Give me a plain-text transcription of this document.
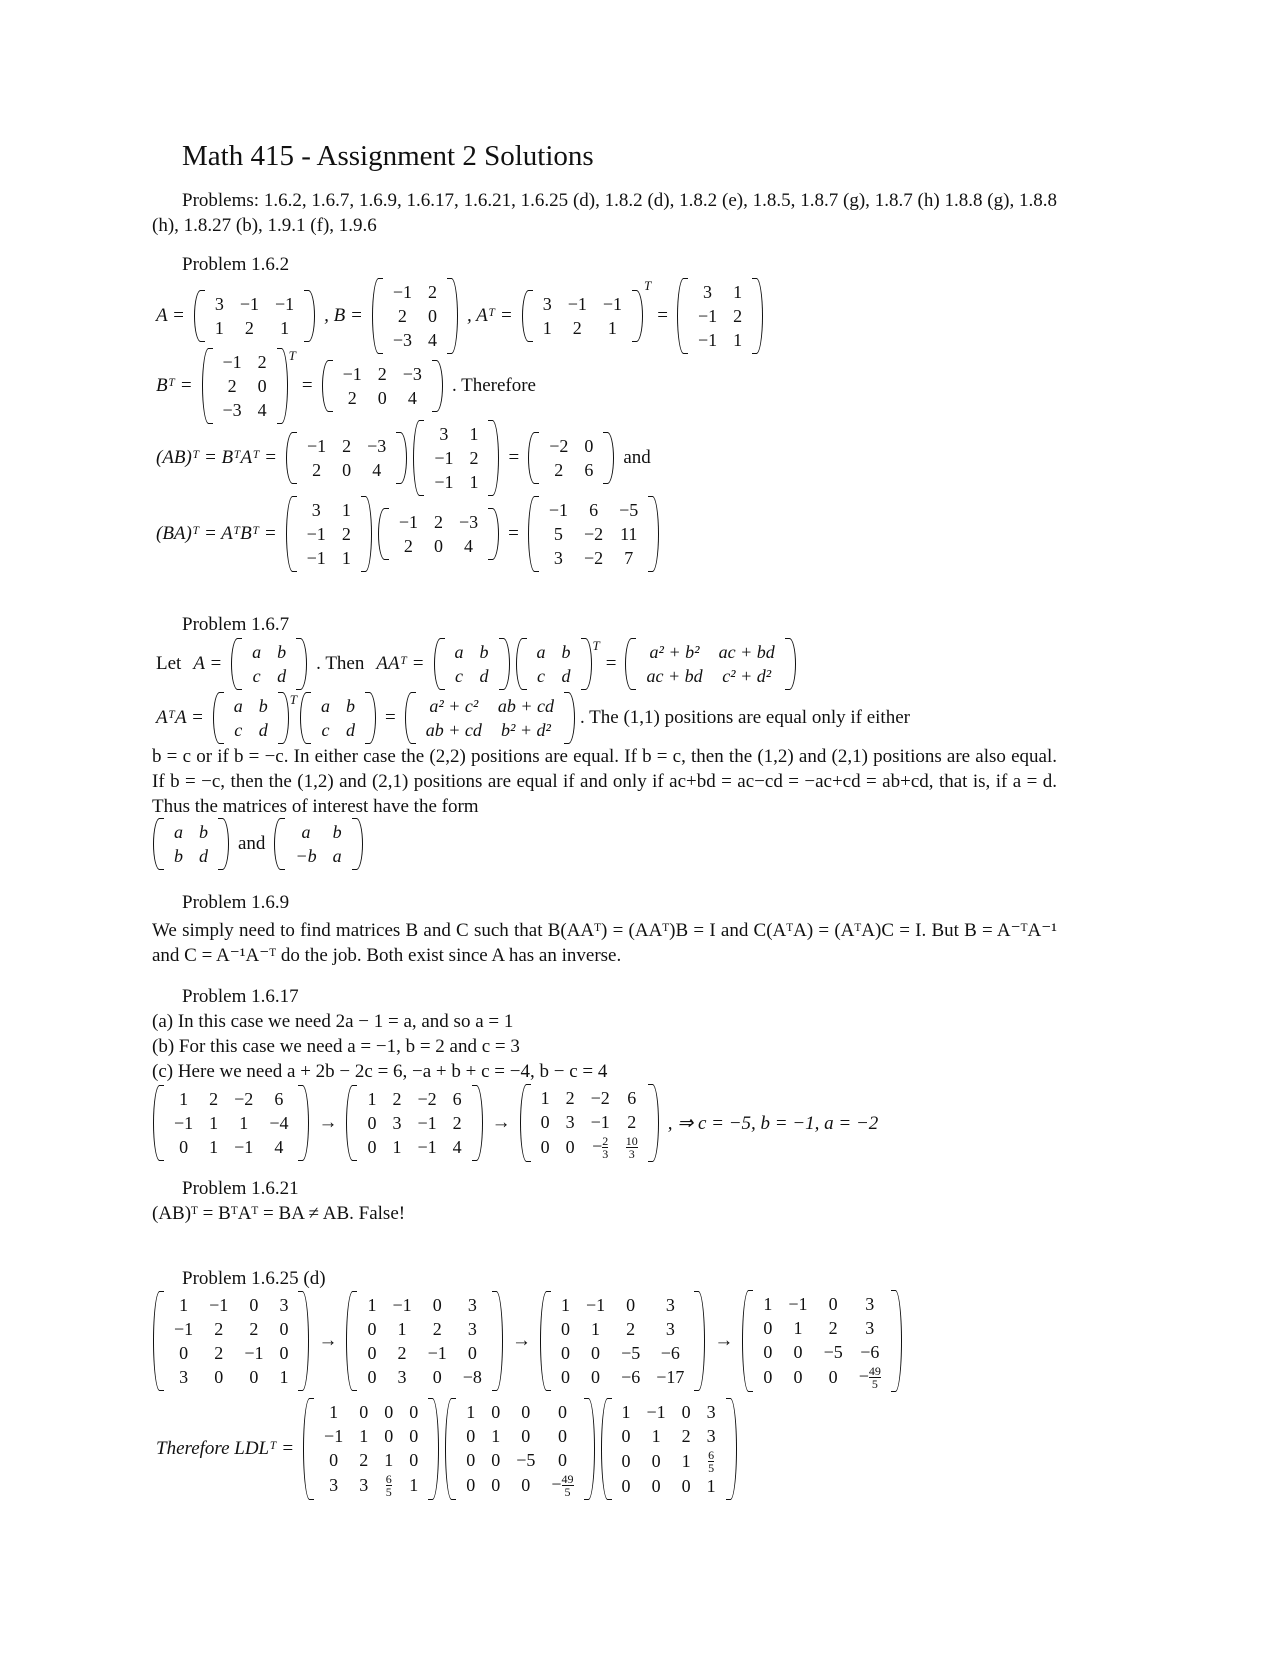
Math 415 - Assignment 2 Solutions
Problems: 1.6.2, 1.6.7, 1.6.9, 1.6.17, 1.6.21, 1.6.25 (d), 1.8.2 (d), 1.8.2 (e), 1.8.5, 1.8.7 (g), 1.8.7 (h) 1.8.8 (g), 1.8.8 (h), 1.8.27 (b), 1.9.1 (f), 1.9.6
Problem 1.6.2
A =
3	−1	−1
1	2	1
, B =
−1	2
2	0
−3	4
, Aᵀ =
3	−1	−1
1	2	1
T
=
3	1
−1	2
−1	1
Bᵀ =
−1	2
2	0
−3	4
T
=
−1	2	−3
2	0	4
. Therefore
(AB)ᵀ = BᵀAᵀ =
−1	2	−3
2	0	4
3	1
−1	2
−1	1
=
−2	0
2	6
and
(BA)ᵀ = AᵀBᵀ =
3	1
−1	2
−1	1
−1	2	−3
2	0	4
=
−1	6	−5
5	−2	11
3	−2	7
Problem 1.6.7
Let A =
a	b
c	d
. Then AAᵀ =
a	b
c	d
a	b
c	d
T
=
a² + b²	ac + bd
ac + bd	c² + d²
AᵀA =
a	b
c	d
T a	b
c	d
=
a² + c²	ab + cd
ab + cd	b² + d²
. The (1,1) positions are equal only if either
b = c or if b = −c. In either case the (2,2) positions are equal. If b = c, then the (1,2) and (2,1) positions are also equal. If b = −c, then the (1,2) and (2,1) positions are equal if and only if ac+bd = ac−cd = −ac+cd = ab+cd, that is, if a = d. Thus the matrices of interest have the form
a	b
b	d
and
a	b
−b	a
Problem 1.6.9
We simply need to find matrices B and C such that B(AAᵀ) = (AAᵀ)B = I and C(AᵀA) = (AᵀA)C = I. But B = A⁻ᵀA⁻¹ and C = A⁻¹A⁻ᵀ do the job. Both exist since A has an inverse.
Problem 1.6.17
(a) In this case we need 2a − 1 = a, and so a = 1
(b) For this case we need a = −1, b = 2 and c = 3
(c) Here we need a + 2b − 2c = 6, −a + b + c = −4, b − c = 4
1	2	−2	6
−1	1	1	−4
0	1	−1	4
→
1	2	−2	6
0	3	−1	2
0	1	−1	4
→
1	2	−2	6
0	3	−1	2
0	0	− $\frac{2}{3}$	$\frac{10}{3}$
, ⇒ c = −5, b = −1, a = −2
Problem 1.6.21
(AB)ᵀ = BᵀAᵀ = BA ≠ AB. False!
Problem 1.6.25 (d)
1	−1	0	3
−1	2	2	0
0	2	−1	0
3	0	0	1
→
1	−1	0	3
0	1	2	3
0	2	−1	0
0	3	0	−8
→
1	−1	0	3
0	1	2	3
0	0	−5	−6
0	0	−6	−17
→
1	−1	0	3
0	1	2	3
0	0	−5	−6
0	0	0	− $\frac{49}{5}$
Therefore LDLᵀ =
1	0	0	0
−1	1	0	0
0	2	1	0
3	3	$\frac{6}{5}$	1
1	0	0	0
0	1	0	0
0	0	−5	0
0	0	0	− $\frac{49}{5}$
1	−1	0	3
0	1	2	3
0	0	1	$\frac{6}{5}$

0	0	0	1
